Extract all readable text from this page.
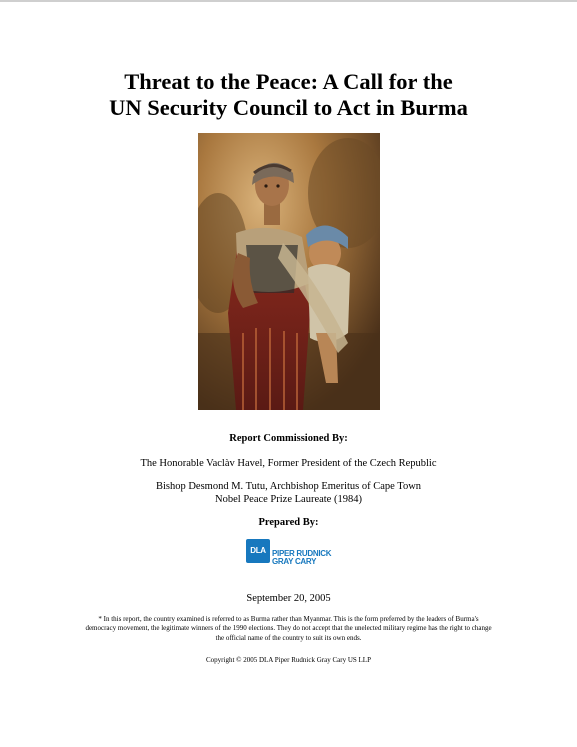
Threat to the Peace: A Call for the
UN Security Council to Act in Burma
Report Commissioned By:
The Honorable Vaclàv Havel, Former President of the Czech Republic
Bishop Desmond M. Tutu, Archbishop Emeritus of Cape Town
Nobel Peace Prize Laureate (1984)
Prepared By:
DLA PIPER RUDNICK
GRAY CARY
September 20, 2005
* In this report, the country examined is referred to as Burma rather than Myanmar. This is the form preferred by the leaders of Burma's
democracy movement, the legitimate winners of the 1990 elections. They do not accept that the unelected military regime has the right to change
the official name of the country to suit its own ends.
Copyright © 2005 DLA Piper Rudnick Gray Cary US LLP
